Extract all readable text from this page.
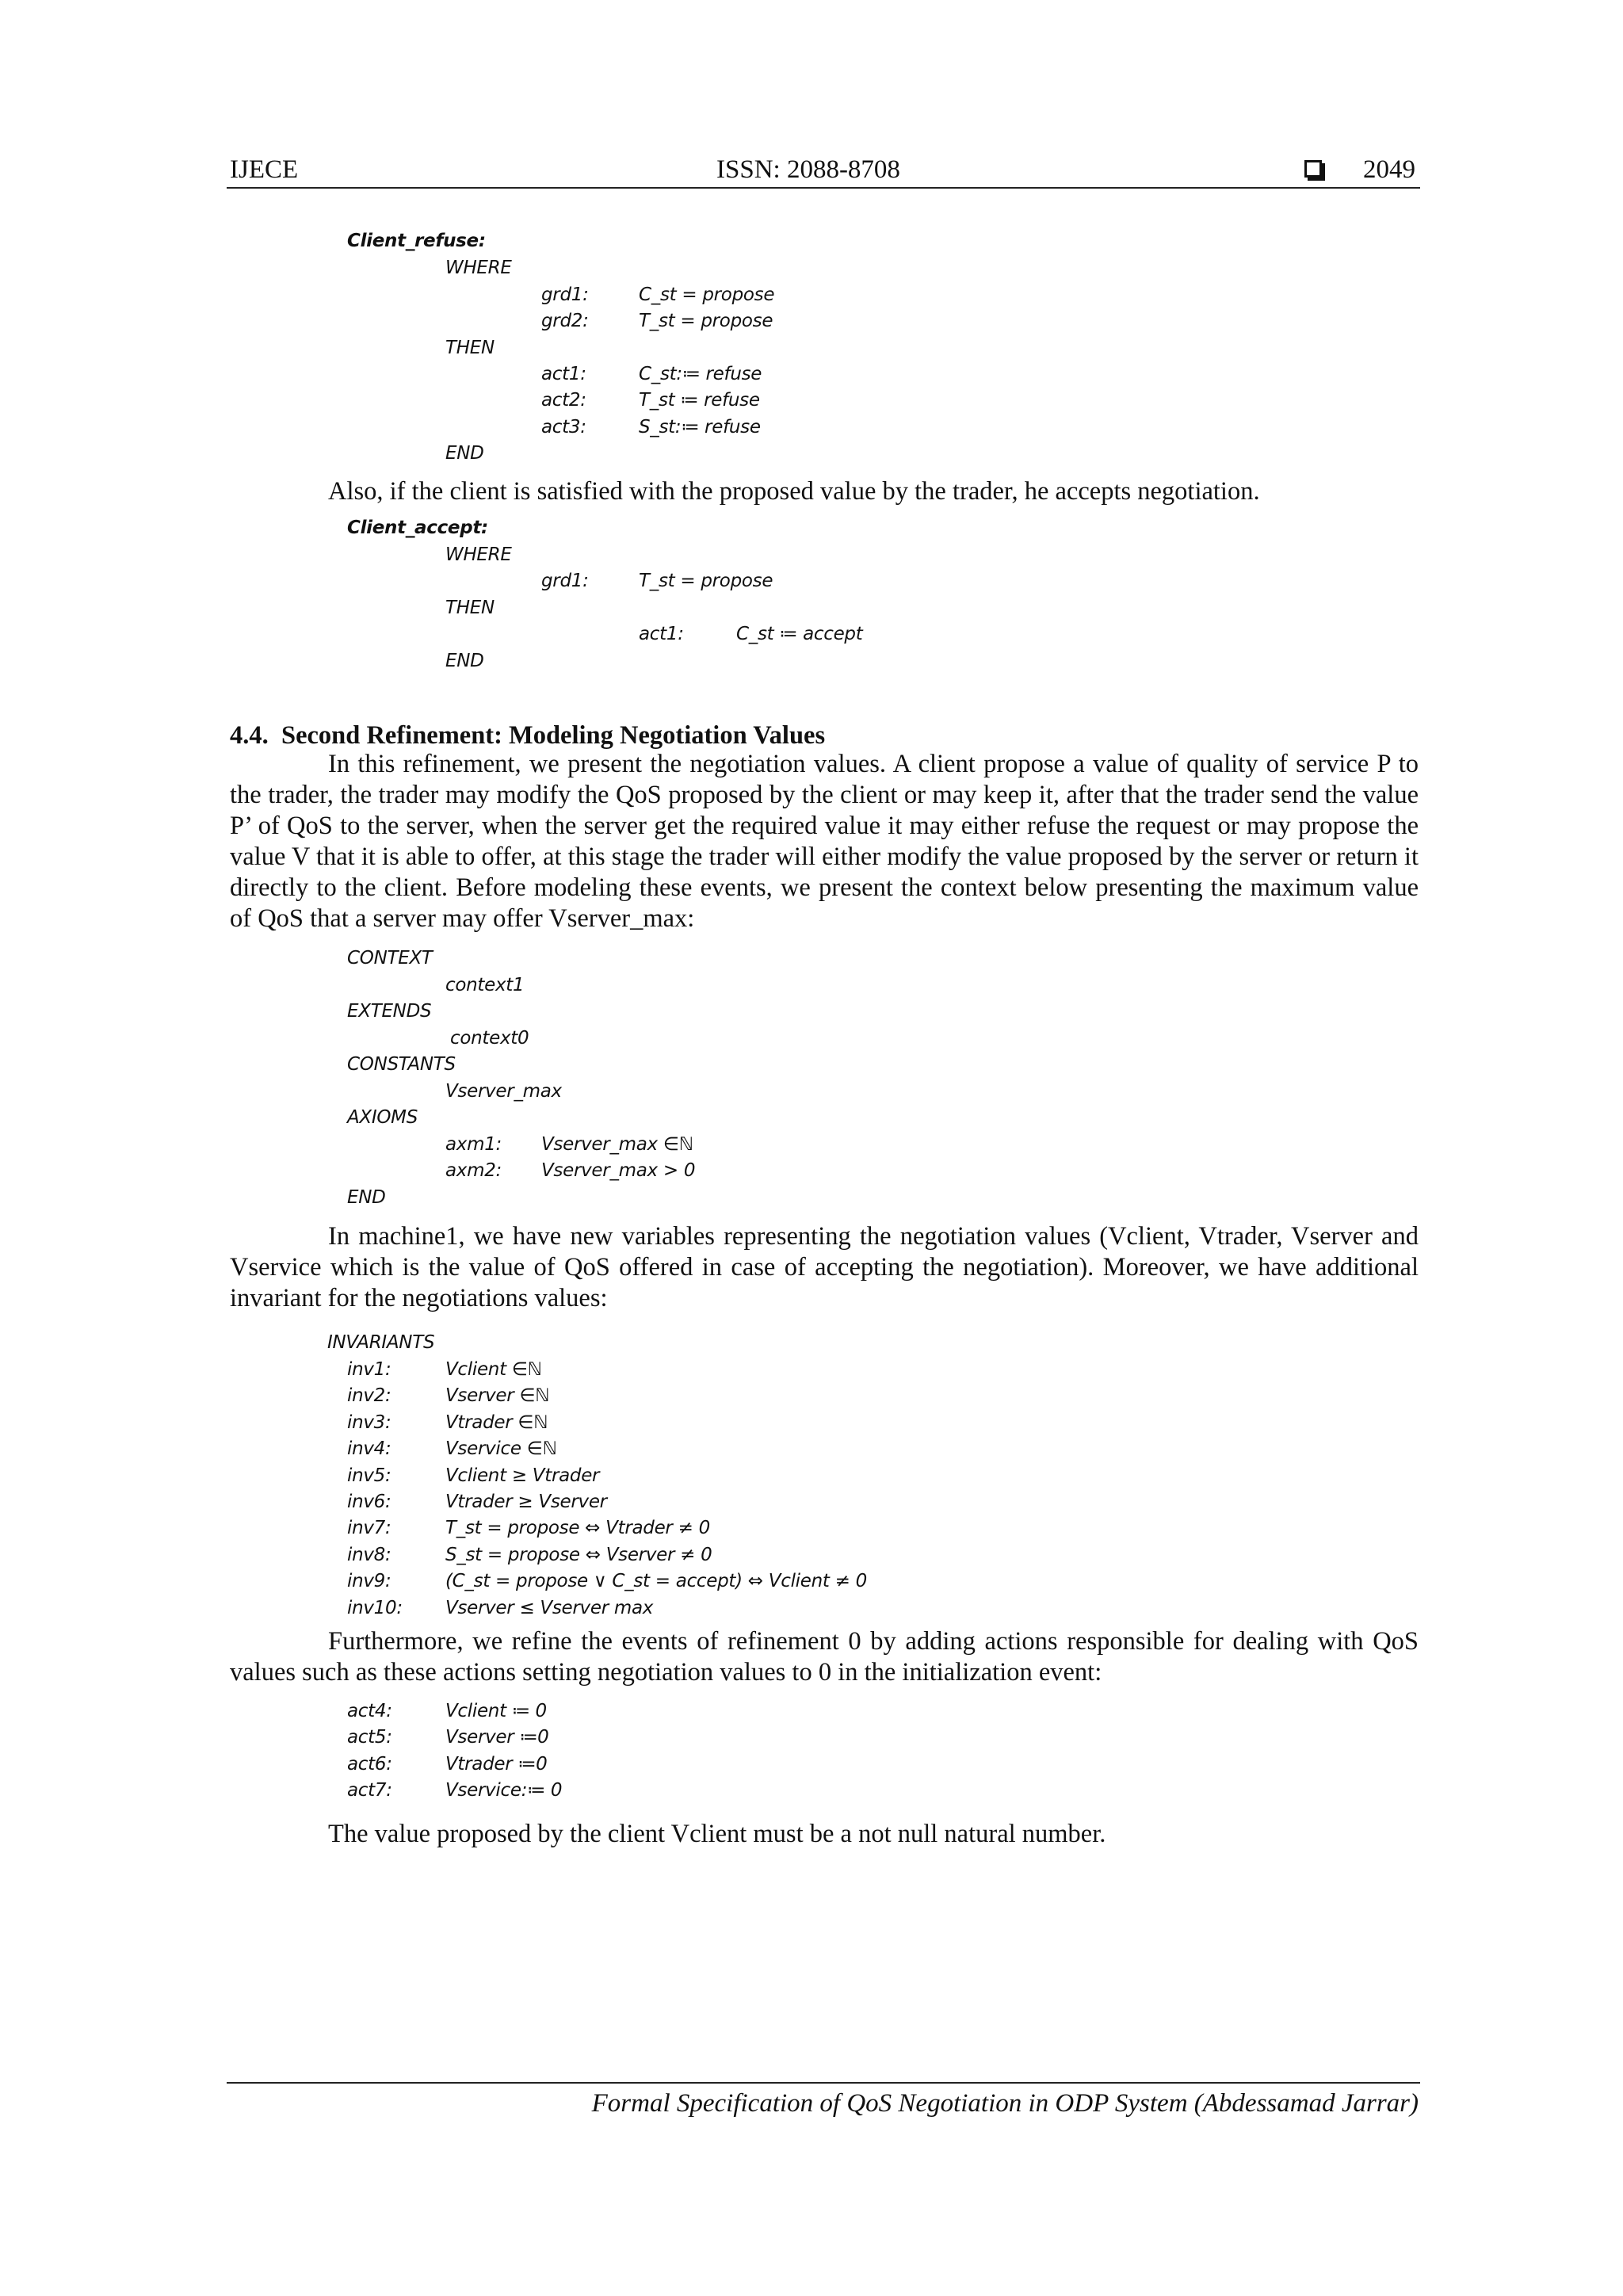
IJECE	ISSN: 2088-8708	2049
Client_refuse:
WHERE
grd1:	C_st = propose
grd2:	T_st = propose
THEN
act1:	C_st:≔ refuse
act2:	T_st ≔ refuse
act3:	S_st:≔ refuse
END
Also, if the client is satisfied with the proposed value by the trader, he accepts negotiation.
Client_accept:
WHERE
grd1:	T_st = propose
THEN
act1:	C_st ≔ accept
END
4.4. Second Refinement: Modeling Negotiation Values

In this refinement, we present the negotiation values. A client propose a value of quality of service P to the trader, the trader may modify the QoS proposed by the client or may keep it, after that the trader send the value P’ of QoS to the server, when the server get the required value it may either refuse the request or may propose the value V that it is able to offer, at this stage the trader will either modify the value proposed by the server or return it directly to the client. Before modeling these events, we present the context below presenting the maximum value of QoS that a server may offer Vserver_max:

CONTEXT
context1
EXTENDS
context0
CONSTANTS
Vserver_max
AXIOMS
axm1: Vserver_max ∈ℕ
axm2: Vserver_max > 0
END

In machine1, we have new variables representing the negotiation values (Vclient, Vtrader, Vserver and Vservice which is the value of QoS offered in case of accepting the negotiation). Moreover, we have additional invariant for the negotiations values:

INVARIANTS
inv1:	Vclient ∈ℕ
inv2:	Vserver ∈ℕ
inv3:	Vtrader ∈ℕ
inv4:	Vservice ∈ℕ
inv5:	Vclient ≥ Vtrader
inv6:	Vtrader ≥ Vserver
inv7:	T_st = propose ⇔ Vtrader ≠ 0
inv8:	S_st = propose ⇔ Vserver ≠ 0
inv9:	(C_st = propose ∨ C_st = accept) ⇔ Vclient ≠ 0
inv10: Vserver ≤ Vserver max

Furthermore, we refine the events of refinement 0 by adding actions responsible for dealing with QoS values such as these actions setting negotiation values to 0 in the initialization event:

act4:	Vclient ≔ 0
act5:	Vserver ≔0
act6:	Vtrader ≔0
act7:	Vservice:≔ 0
The value proposed by the client Vclient must be a not null natural number.
Formal Specification of QoS Negotiation in ODP System (Abdessamad Jarrar)
